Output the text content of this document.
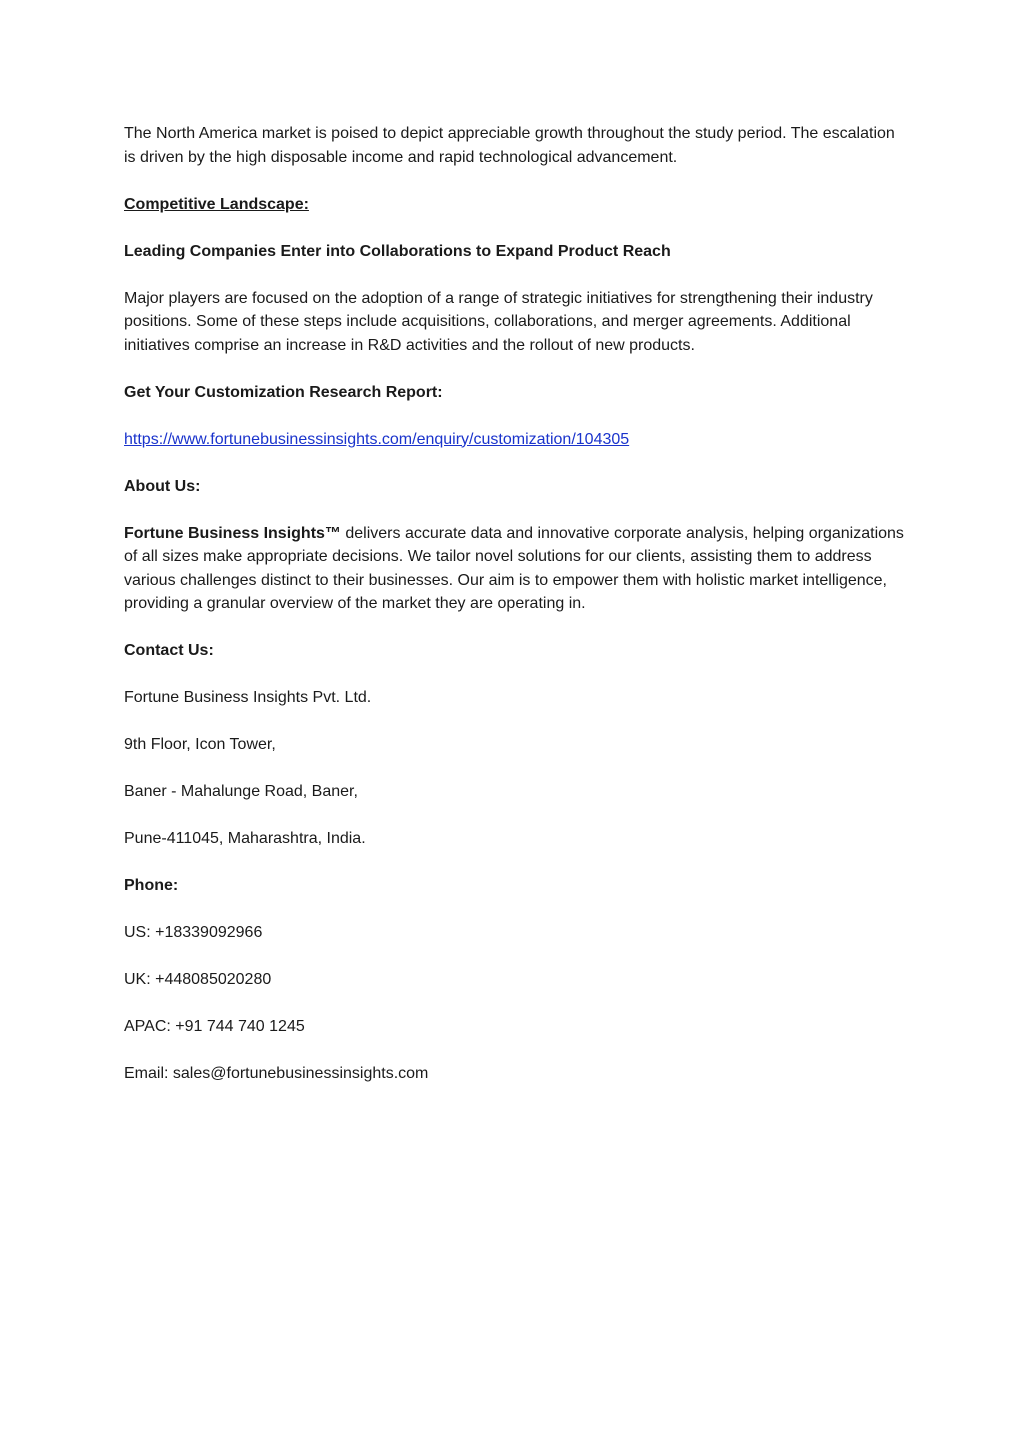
The North America market is poised to depict appreciable growth throughout the study period. The escalation is driven by the high disposable income and rapid technological advancement.

Competitive Landscape:

Leading Companies Enter into Collaborations to Expand Product Reach

Major players are focused on the adoption of a range of strategic initiatives for strengthening their industry positions. Some of these steps include acquisitions, collaborations, and merger agreements. Additional initiatives comprise an increase in R&D activities and the rollout of new products.

Get Your Customization Research Report:

https://www.fortunebusinessinsights.com/enquiry/customization/104305

About Us:

Fortune Business Insights™ delivers accurate data and innovative corporate analysis, helping organizations of all sizes make appropriate decisions. We tailor novel solutions for our clients, assisting them to address various challenges distinct to their businesses. Our aim is to empower them with holistic market intelligence, providing a granular overview of the market they are operating in.

Contact Us:

Fortune Business Insights Pvt. Ltd.

9th Floor, Icon Tower,

Baner - Mahalunge Road, Baner,

Pune-411045, Maharashtra, India.

Phone:

US: +18339092966

UK: +448085020280

APAC: +91 744 740 1245

Email: sales@fortunebusinessinsights.com
